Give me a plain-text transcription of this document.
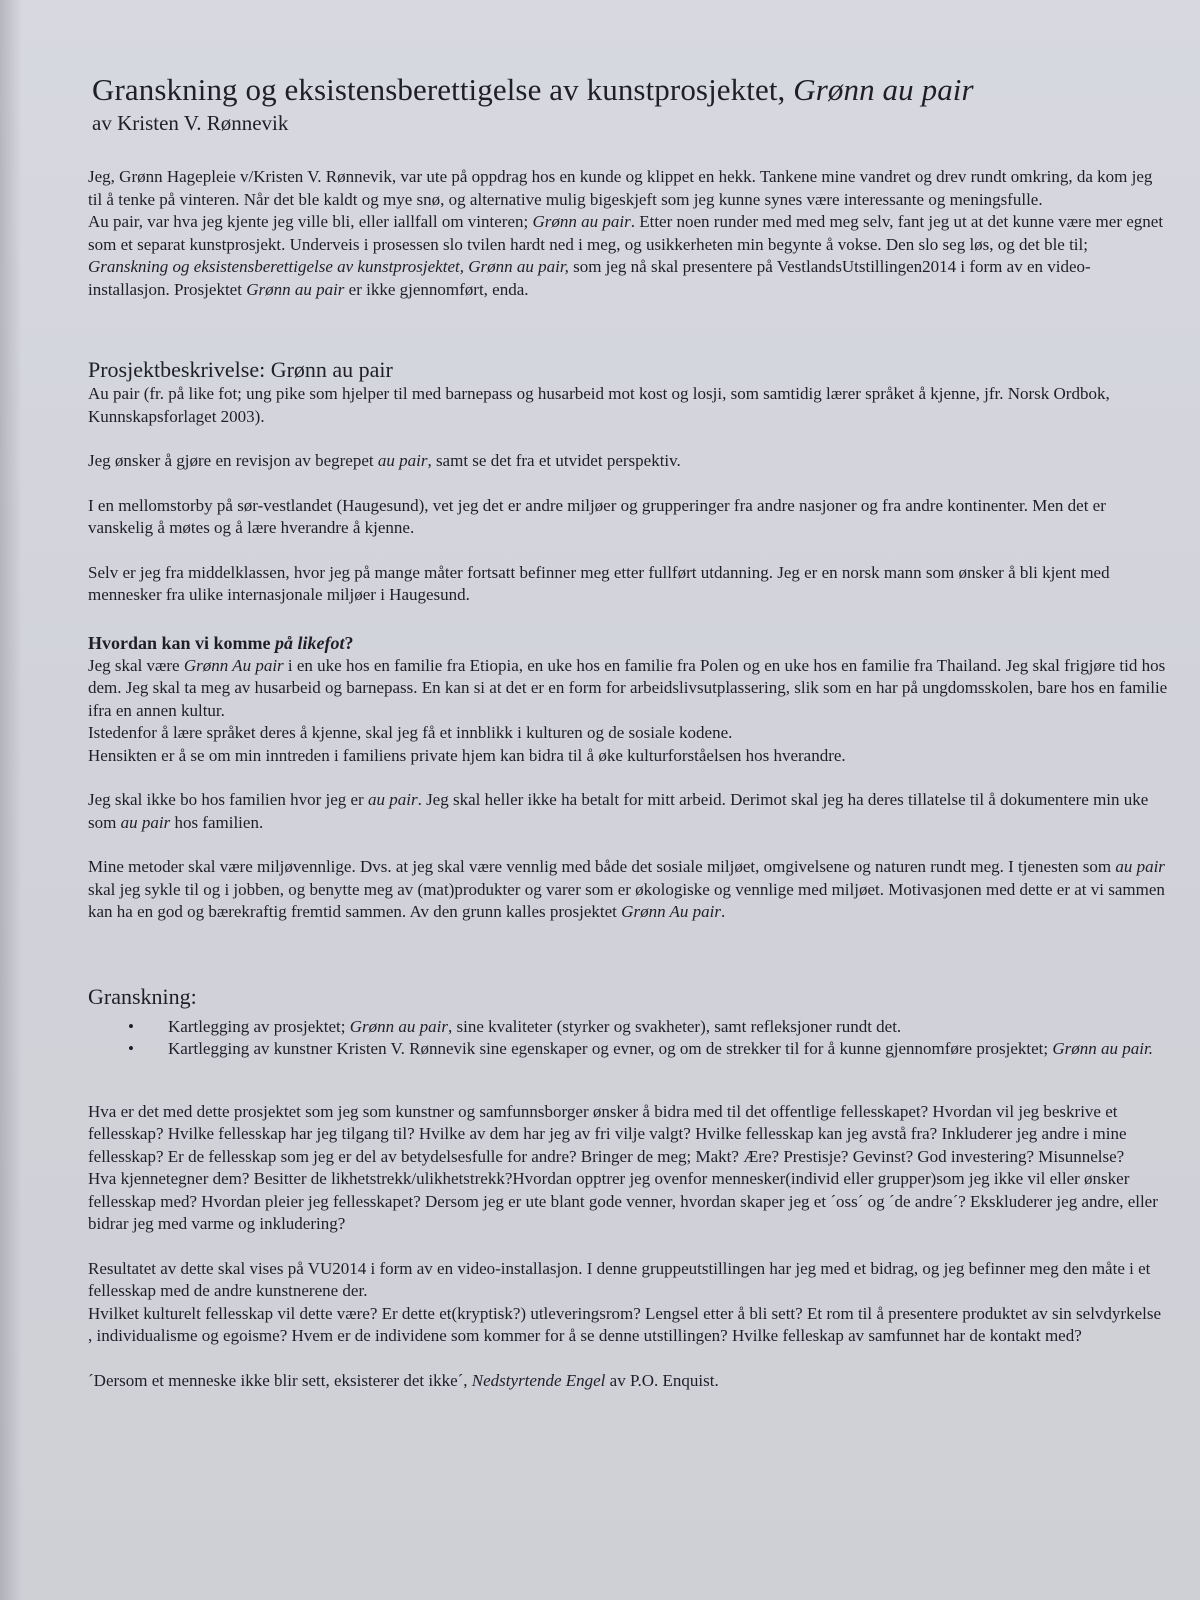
Granskning og eksistensberettigelse av kunstprosjektet, Grønn au pair
av Kristen V. Rønnevik

Jeg, Grønn Hagepleie v/Kristen V. Rønnevik, var ute på oppdrag hos en kunde og klippet en hekk. Tankene mine vandret og drev rundt omkring, da kom jeg til å tenke på vinteren. Når det ble kaldt og mye snø, og alternative mulig bigeskjeft som jeg kunne synes være interessante og meningsfulle.

Au pair, var hva jeg kjente jeg ville bli, eller iallfall om vinteren; Grønn au pair. Etter noen runder med med meg selv, fant jeg ut at det kunne være mer egnet som et separat kunstprosjekt. Underveis i prosessen slo tvilen hardt ned i meg, og usikkerheten min begynte å vokse. Den slo seg løs, og det ble til; Granskning og eksistensberettigelse av kunstprosjektet, Grønn au pair, som jeg nå skal presentere på VestlandsUtstillingen2014 i form av en video-

installasjon. Prosjektet Grønn au pair er ikke gjennomført, enda.

Prosjektbeskrivelse: Grønn au pair

Au pair (fr. på like fot; ung pike som hjelper til med barnepass og husarbeid mot kost og losji, som samtidig lærer språket å kjenne, jfr. Norsk Ordbok, Kunnskapsforlaget 2003).

Jeg ønsker å gjøre en revisjon av begrepet au pair, samt se det fra et utvidet perspektiv.

I en mellomstorby på sør-vestlandet (Haugesund), vet jeg det er andre miljøer og grupperinger fra andre nasjoner og fra andre kontinenter. Men det er vanskelig å møtes og å lære hverandre å kjenne.

Selv er jeg fra middelklassen, hvor jeg på mange måter fortsatt befinner meg etter fullført utdanning. Jeg er en norsk mann som ønsker å bli kjent med mennesker fra ulike internasjonale miljøer i Haugesund.

Hvordan kan vi komme på likefot?

Jeg skal være Grønn Au pair i en uke hos en familie fra Etiopia, en uke hos en familie fra Polen og en uke hos en familie fra Thailand. Jeg skal frigjøre tid hos dem. Jeg skal ta meg av husarbeid og barnepass. En kan si at det er en form for arbeidslivsutplassering, slik som en har på ungdomsskolen, bare hos en familie ifra en annen kultur.

Istedenfor å lære språket deres å kjenne, skal jeg få et innblikk i kulturen og de sosiale kodene.

Hensikten er å se om min inntreden i familiens private hjem kan bidra til å øke kulturforståelsen hos hverandre.

Jeg skal ikke bo hos familien hvor jeg er au pair. Jeg skal heller ikke ha betalt for mitt arbeid. Derimot skal jeg ha deres tillatelse til å dokumentere min uke som au pair hos familien.

Mine metoder skal være miljøvennlige. Dvs. at jeg skal være vennlig med både det sosiale miljøet, omgivelsene og naturen rundt meg. I tjenesten som au pair skal jeg sykle til og i jobben, og benytte meg av (mat)produkter og varer som er økologiske og vennlige med miljøet. Motivasjonen med dette er at vi sammen kan ha en god og bærekraftig fremtid sammen. Av den grunn kalles prosjektet Grønn Au pair.

Granskning:
• Kartlegging av prosjektet; Grønn au pair, sine kvaliteter (styrker og svakheter), samt refleksjoner rundt det.
• Kartlegging av kunstner Kristen V. Rønnevik sine egenskaper og evner, og om de strekker til for å kunne gjennomføre prosjektet; Grønn au pair.

Hva er det med dette prosjektet som jeg som kunstner og samfunnsborger ønsker å bidra med til det offentlige fellesskapet? Hvordan vil jeg beskrive et fellesskap? Hvilke fellesskap har jeg tilgang til? Hvilke av dem har jeg av fri vilje valgt? Hvilke fellesskap kan jeg avstå fra? Inkluderer jeg andre i mine fellesskap? Er de fellesskap som jeg er del av betydelsesfulle for andre? Bringer de meg; Makt? Ære? Prestisje? Gevinst? God investering? Misunnelse?

Hva kjennetegner dem? Besitter de likhetstrekk/ulikhetstrekk?Hvordan opptrer jeg ovenfor mennesker(individ eller grupper)som jeg ikke vil eller ønsker fellesskap med? Hvordan pleier jeg fellesskapet? Dersom jeg er ute blant gode venner, hvordan skaper jeg et ´oss´ og ´de andre´? Ekskluderer jeg andre, eller bidrar jeg med varme og inkludering?

Resultatet av dette skal vises på VU2014 i form av en video-installasjon. I denne gruppeutstillingen har jeg med et bidrag, og jeg befinner meg den måte i et fellesskap med de andre kunstnerene der.

Hvilket kulturelt fellesskap vil dette være? Er dette et(kryptisk?) utleveringsrom? Lengsel etter å bli sett? Et rom til å presentere produktet av sin selvdyrkelse , individualisme og egoisme? Hvem er de individene som kommer for å se denne utstillingen? Hvilke felleskap av samfunnet har de kontakt med?

´Dersom et menneske ikke blir sett, eksisterer det ikke´, Nedstyrtende Engel av P.O. Enquist.
